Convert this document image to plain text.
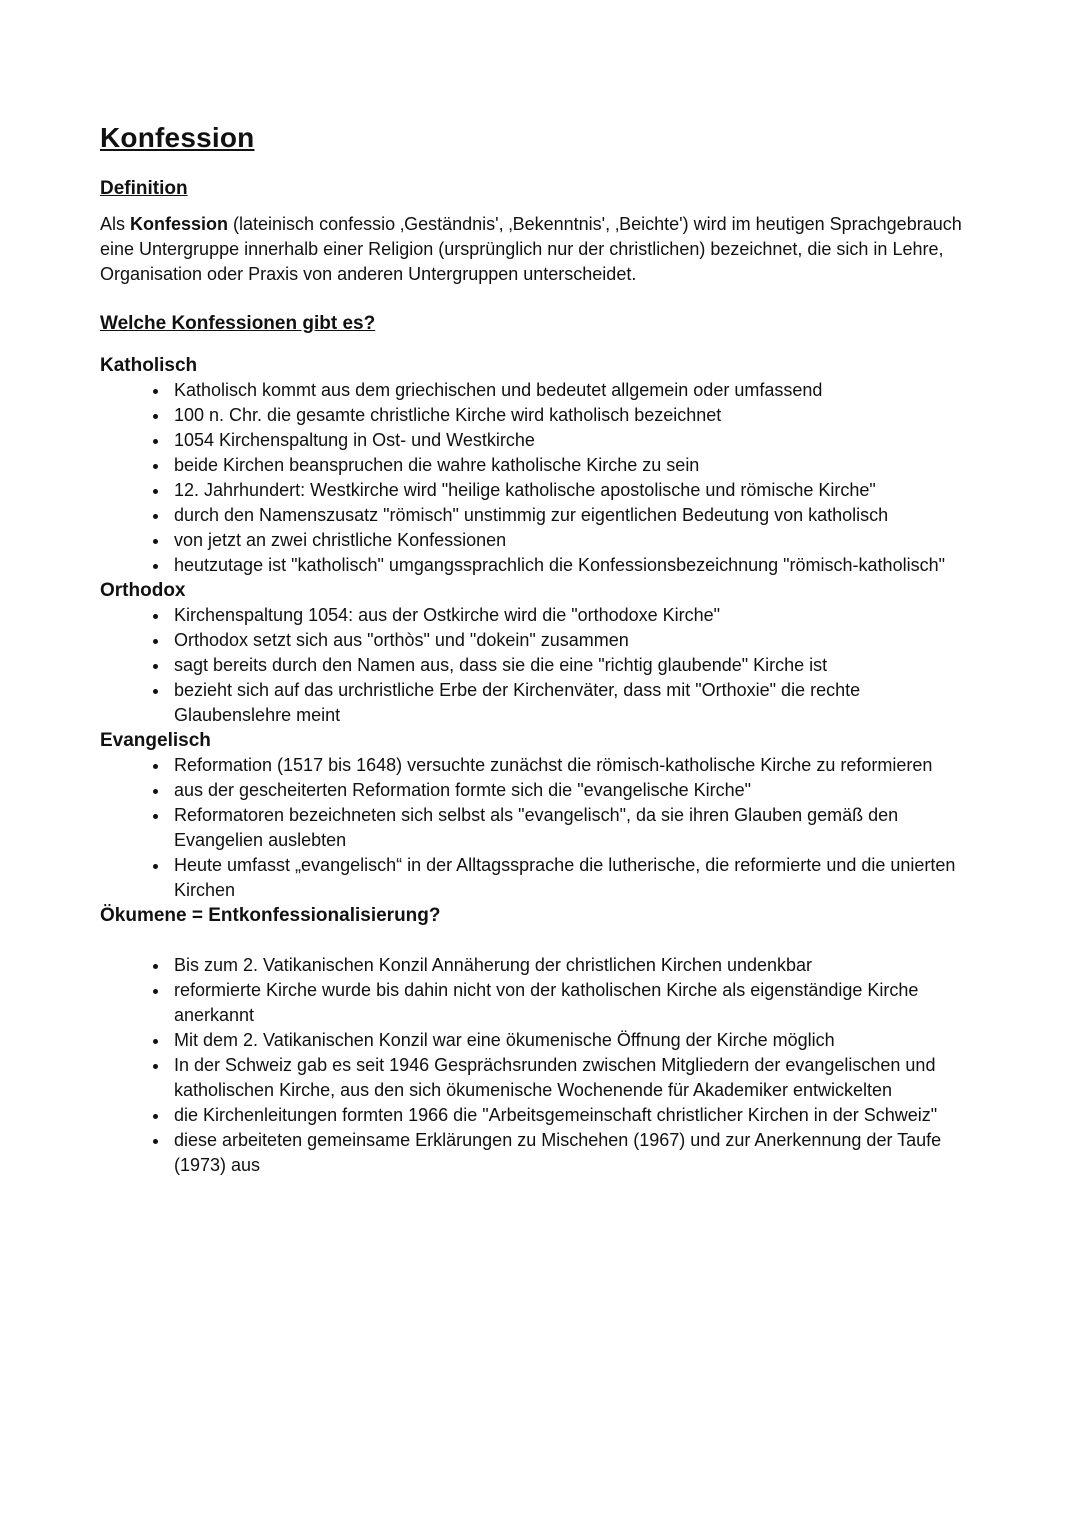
Konfession
Definition

Als Konfession (lateinisch confessio ‚Geständnis', ‚Bekenntnis', ‚Beichte') wird im heutigen Sprachgebrauch eine Untergruppe innerhalb einer Religion (ursprünglich nur der christlichen) bezeichnet, die sich in Lehre, Organisation oder Praxis von anderen Untergruppen unterscheidet.

Welche Konfessionen gibt es?
Katholisch
• Katholisch kommt aus dem griechischen und bedeutet allgemein oder umfassend
• 100 n. Chr. die gesamte christliche Kirche wird katholisch bezeichnet
• 1054 Kirchenspaltung in Ost- und Westkirche
• beide Kirchen beanspruchen die wahre katholische Kirche zu sein
• 12. Jahrhundert: Westkirche wird "heilige katholische apostolische und römische Kirche"
• durch den Namenszusatz "römisch" unstimmig zur eigentlichen Bedeutung von katholisch
• von jetzt an zwei christliche Konfessionen
• heutzutage ist "katholisch" umgangssprachlich die Konfessionsbezeichnung "römisch-katholisch"
Orthodox
• Kirchenspaltung 1054: aus der Ostkirche wird die "orthodoxe Kirche"
• Orthodox setzt sich aus "orthòs" und "dokein" zusammen
• sagt bereits durch den Namen aus, dass sie die eine "richtig glaubende" Kirche ist
• bezieht sich auf das urchristliche Erbe der Kirchenväter, dass mit "Orthoxie" die rechte Glaubenslehre meint
Evangelisch
• Reformation (1517 bis 1648) versuchte zunächst die römisch-katholische Kirche zu reformieren
• aus der gescheiterten Reformation formte sich die "evangelische Kirche"
• Reformatoren bezeichneten sich selbst als "evangelisch", da sie ihren Glauben gemäß den Evangelien auslebten
• Heute umfasst „evangelisch“ in der Alltagssprache die lutherische, die reformierte und die unierten Kirchen
Ökumene = Entkonfessionalisierung?
• Bis zum 2. Vatikanischen Konzil Annäherung der christlichen Kirchen undenkbar
• reformierte Kirche wurde bis dahin nicht von der katholischen Kirche als eigenständige Kirche anerkannt
• Mit dem 2. Vatikanischen Konzil war eine ökumenische Öffnung der Kirche möglich
• In der Schweiz gab es seit 1946 Gesprächsrunden zwischen Mitgliedern der evangelischen und katholischen Kirche, aus den sich ökumenische Wochenende für Akademiker entwickelten
• die Kirchenleitungen formten 1966 die "Arbeitsgemeinschaft christlicher Kirchen in der Schweiz"
• diese arbeiteten gemeinsame Erklärungen zu Mischehen (1967) und zur Anerkennung der Taufe (1973) aus
